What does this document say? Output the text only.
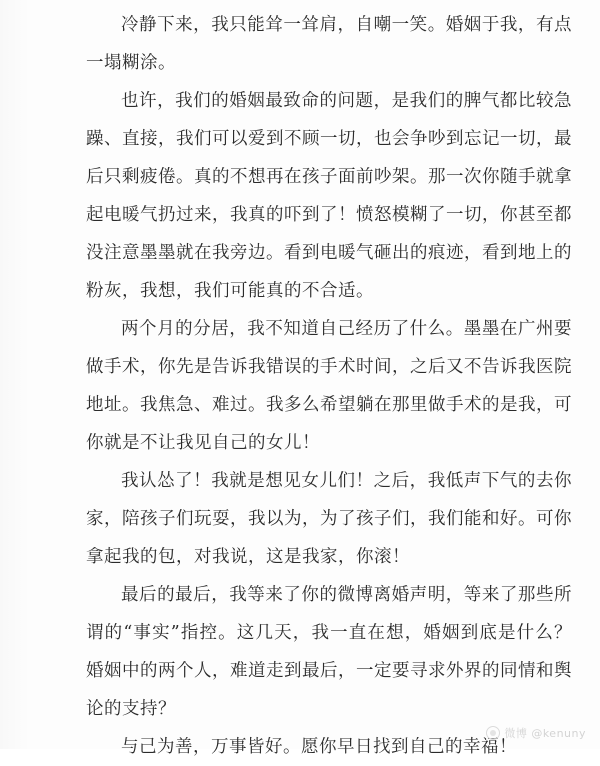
冷静下来，我只能耸一耸肩，自嘲一笑。婚姻于我，有点一塌糊涂。

也许，我们的婚姻最致命的问题，是我们的脾气都比较急躁、直接，我们可以爱到不顾一切，也会争吵到忘记一切，最后只剩疲倦。真的不想再在孩子面前吵架。那一次你随手就拿起电暖气扔过来，我真的吓到了！愤怒模糊了一切，你甚至都没注意墨墨就在我旁边。看到电暖气砸出的痕迹，看到地上的粉灰，我想，我们可能真的不合适。

两个月的分居，我不知道自己经历了什么。墨墨在广州要做手术，你先是告诉我错误的手术时间，之后又不告诉我医院地址。我焦急、难过。我多么希望躺在那里做手术的是我，可你就是不让我见自己的女儿！

我认怂了！我就是想见女儿们！之后，我低声下气的去你家，陪孩子们玩耍，我以为，为了孩子们，我们能和好。可你拿起我的包，对我说，这是我家，你滚！

最后的最后，我等来了你的微博离婚声明，等来了那些所谓的“事实”指控。这几天，我一直在想，婚姻到底是什么？婚姻中的两个人，难道走到最后，一定要寻求外界的同情和舆论的支持？

与己为善，万事皆好。愿你早日找到自己的幸福！

微博 @kenuny
